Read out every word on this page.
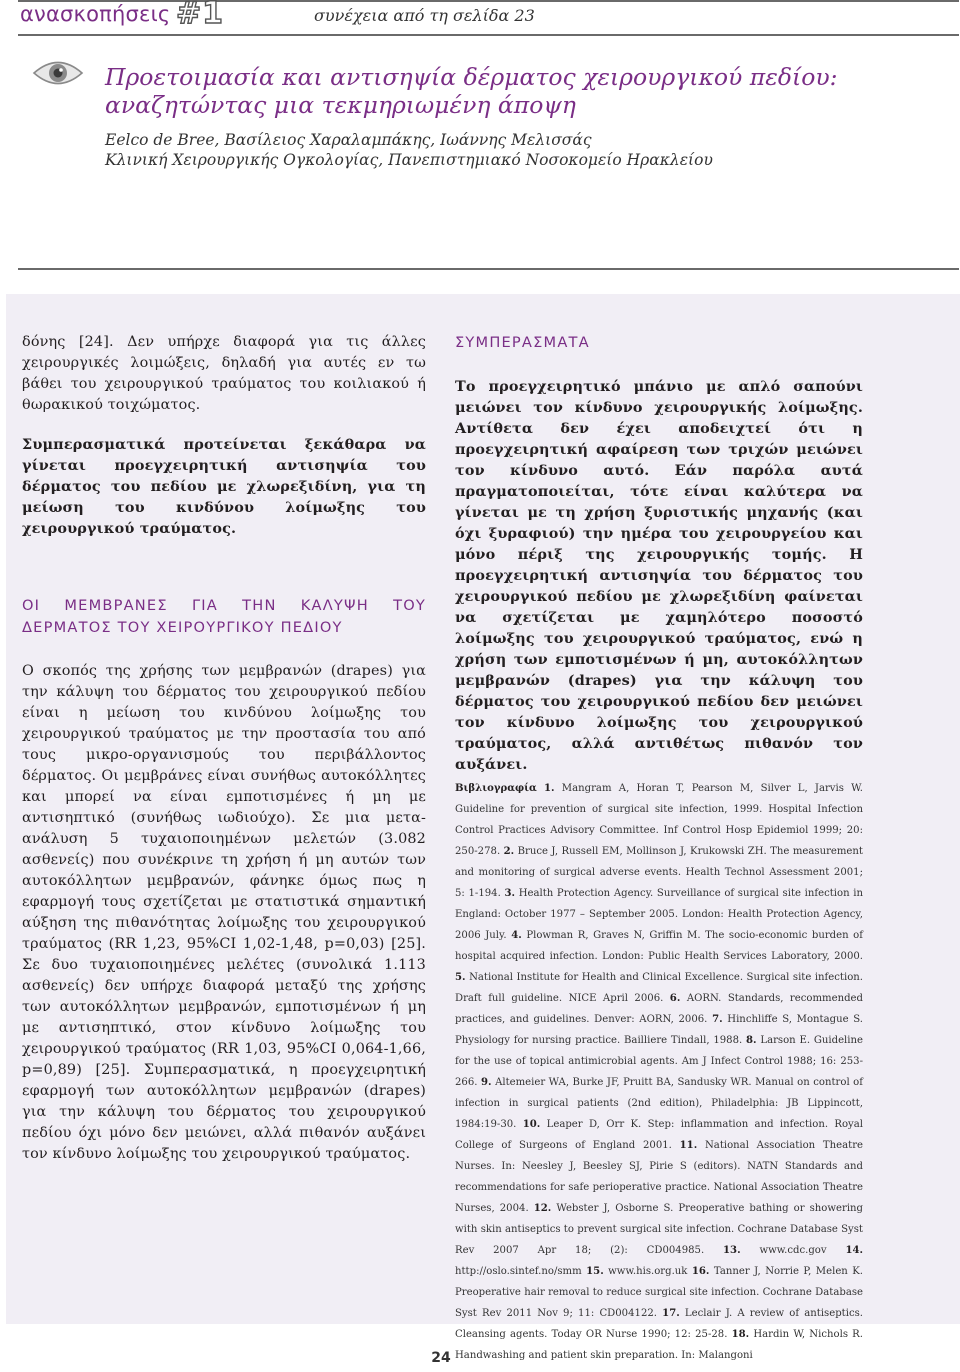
ανασκοπήσεις #1	συνέχεια από τη σελίδα 23
Προετοιμασία και αντισηψία δέρματος χειρουργικού πεδίου:
αναζητώντας μια τεκμηριωμένη άποψη
Eelco de Bree, Βασίλειος Χαραλαμπάκης, Ιωάννης Μελισσάς
Κλινική Χειρουργικής Ογκολογίας, Πανεπιστημιακό Νοσοκομείο Ηρακλείου

δόνης [24]. Δεν υπήρχε διαφορά για τις άλλες χειρουργικές λοιμώξεις, δηλαδή για αυτές εν τω βάθει του χειρουργικού τραύματος του κοιλιακού ή θωρακικού τοιχώματος.

Συμπερασματικά προτείνεται ξεκάθαρα να γίνεται προεγχειρητική αντισηψία του δέρματος του πεδίου με χλωρεξιδίνη, για τη μείωση του κινδύνου λοίμωξης του χειρουργικού τραύματος.

ΟΙ ΜΕΜΒΡΑΝΕΣ ΓΙΑ ΤΗΝ ΚΑΛΥΨΗ ΤΟΥ ΔΕΡΜΑΤΟΣ ΤΟΥ ΧΕΙΡΟΥΡΓΙΚΟΥ ΠΕΔΙΟΥ

Ο σκοπός της χρήσης των μεμβρανών (drapes) για την κάλυψη του δέρματος του χειρουργικού πεδίου είναι η μείωση του κινδύνου λοίμωξης του χειρουργικού τραύματος με την προστασία του από τους μικρο-οργανισμούς του περιβάλλοντος δέρματος. Οι μεμβράνες είναι συνήθως αυτοκόλλητες και μπορεί να είναι εμποτισμένες ή μη με αντισηπτικό (συνήθως ιωδιούχο). Σε μια μετα-ανάλυση 5 τυχαιοποιημένων μελετών (3.082 ασθενείς) που συνέκρινε τη χρήση ή μη αυτών των αυτοκόλλητων μεμβρανών, φάνηκε όμως πως η εφαρμογή τους σχετίζεται με στατιστικά σημαντική αύξηση της πιθανότητας λοίμωξης του χειρουργικού τραύματος (RR 1,23, 95%CI 1,02-1,48, p=0,03) [25]. Σε δυο τυχαιοποιημένες μελέτες (συνολικά 1.113 ασθενείς) δεν υπήρχε διαφορά μεταξύ της χρήσης των αυτοκόλλητων μεμβρανών, εμποτισμένων ή μη με αντισηπτικό, στον κίνδυνο λοίμωξης του χειρουργικού τραύματος (RR 1,03, 95%CI 0,064-1,66, p=0,89) [25]. Συμπερασματικά, η προεγχειρητική εφαρμογή των αυτοκόλλητων μεμβρανών (drapes) για την κάλυψη του δέρματος του χειρουργικού πεδίου όχι μόνο δεν μειώνει, αλλά πιθανόν αυξάνει τον κίνδυνο λοίμωξης του χειρουργικού τραύματος.

ΣΥΜΠΕΡΑΣΜΑΤΑ

Το προεγχειρητικό μπάνιο με απλό σαπούνι μειώνει τον κίνδυνο χειρουργικής λοίμωξης. Αντίθετα δεν έχει αποδειχτεί ότι η προεγχειρητική αφαίρεση των τριχών μειώνει τον κίνδυνο αυτό. Εάν παρόλα αυτά πραγματοποιείται, τότε είναι καλύτερα να γίνεται με τη χρήση ξυριστικής μηχανής (και όχι ξυραφιού) την ημέρα του χειρουργείου και μόνο πέριξ της χειρουργικής τομής. Η προεγχειρητική αντισηψία του δέρματος του χειρουργικού πεδίου με χλωρεξιδίνη φαίνεται να σχετίζεται με χαμηλότερο ποσοστό λοίμωξης του χειρουργικού τραύματος, ενώ η χρήση των εμποτισμένων ή μη, αυτοκόλλητων μεμβρανών (drapes) για την κάλυψη του δέρματος του χειρουργικού πεδίου δεν μειώνει τον κίνδυνο λοίμωξης του χειρουργικού τραύματος, αλλά αντιθέτως πιθανόν τον αυξάνει.

Βιβλιογραφία 1. Mangram A, Horan T, Pearson M, Silver L, Jarvis W. Guideline for prevention of surgical site infection, 1999. Hospital Infection Control Practices Advisory Committee. Inf Control Hosp Epidemiol 1999; 20: 250-278. 2. Bruce J, Russell EM, Mollinson J, Krukowski ZH. The measurement and monitoring of surgical adverse events. Health Technol Assessment 2001; 5: 1-194. 3. Health Protection Agency. Surveillance of surgical site infection in England: October 1977 – September 2005. London: Health Protection Agency, 2006 July. 4. Plowman R, Graves N, Griffin M. The socio-economic burden of hospital acquired infection. London: Public Health Services Laboratory, 2000. 5. National Institute for Health and Clinical Excellence. Surgical site infection. Draft full guideline. NICE April 2006. 6. AORN. Standards, recommended practices, and guidelines. Denver: AORN, 2006. 7. Hinchliffe S, Montague S. Physiology for nursing practice. Bailliere Tindall, 1988. 8. Larson E. Guideline for the use of topical antimicrobial agents. Am J Infect Control 1988; 16: 253-266. 9. Altemeier WA, Burke JF, Pruitt BA, Sandusky WR. Manual on control of infection in surgical patients (2nd edition), Philadelphia: JB Lippincott, 1984:19-30. 10. Leaper D, Orr K. Step: inflammation and infection. Royal College of Surgeons of England 2001. 11. National Association Theatre Nurses. In: Neesley J, Beesley SJ, Pirie S (editors). NATN Standards and recommendations for safe perioperative practice. National Association Theatre Nurses, 2004. 12. Webster J, Osborne S. Preoperative bathing or showering with skin antiseptics to prevent surgical site infection. Cochrane Database Syst Rev 2007 Apr 18; (2): CD004985. 13. www.cdc.gov 14. http://oslo.sintef.no/smm 15. www.his.org.uk 16. Tanner J, Norrie P, Melen K. Preoperative hair removal to reduce surgical site infection. Cochrane Database Syst Rev 2011 Nov 9; 11: CD004122. 17. Leclair J. A review of antiseptics. Cleansing agents. Today OR Nurse 1990; 12: 25-28. 18. Hardin W, Nichols R. Handwashing and patient skin preparation. In: Malangoni

24
